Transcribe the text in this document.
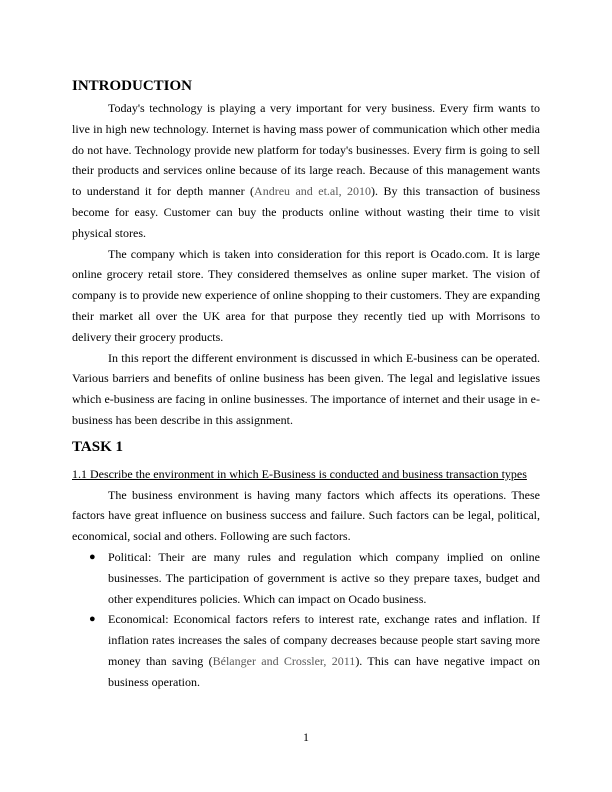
INTRODUCTION

Today's technology is playing a very important for very business. Every firm wants to live in high new technology. Internet is having mass power of communication which other media do not have. Technology provide new platform for today's businesses. Every firm is going to sell their products and services online because of its large reach. Because of this management wants to understand it for depth manner (Andreu and et.al, 2010). By this transaction of business become for easy. Customer can buy the products online without wasting their time to visit physical stores.

The company which is taken into consideration for this report is Ocado.com. It is large online grocery retail store. They considered themselves as online super market. The vision of company is to provide new experience of online shopping to their customers. They are expanding their market all over the UK area for that purpose they recently tied up with Morrisons to delivery their grocery products.

In this report the different environment is discussed in which E-business can be operated. Various barriers and benefits of online business has been given. The legal and legislative issues which e-business are facing in online businesses. The importance of internet and their usage in e-business has been describe in this assignment.

TASK 1
1.1 Describe the environment in which E-Business is conducted and business transaction types

The business environment is having many factors which affects its operations. These factors have great influence on business success and failure. Such factors can be legal, political, economical, social and others. Following are such factors.

● Political: Their are many rules and regulation which company implied on online businesses. The participation of government is active so they prepare taxes, budget and other expenditures policies. Which can impact on Ocado business.
● Economical: Economical factors refers to interest rate, exchange rates and inflation. If inflation rates increases the sales of company decreases because people start saving more money than saving (Bélanger and Crossler, 2011). This can have negative impact on business operation.
1
